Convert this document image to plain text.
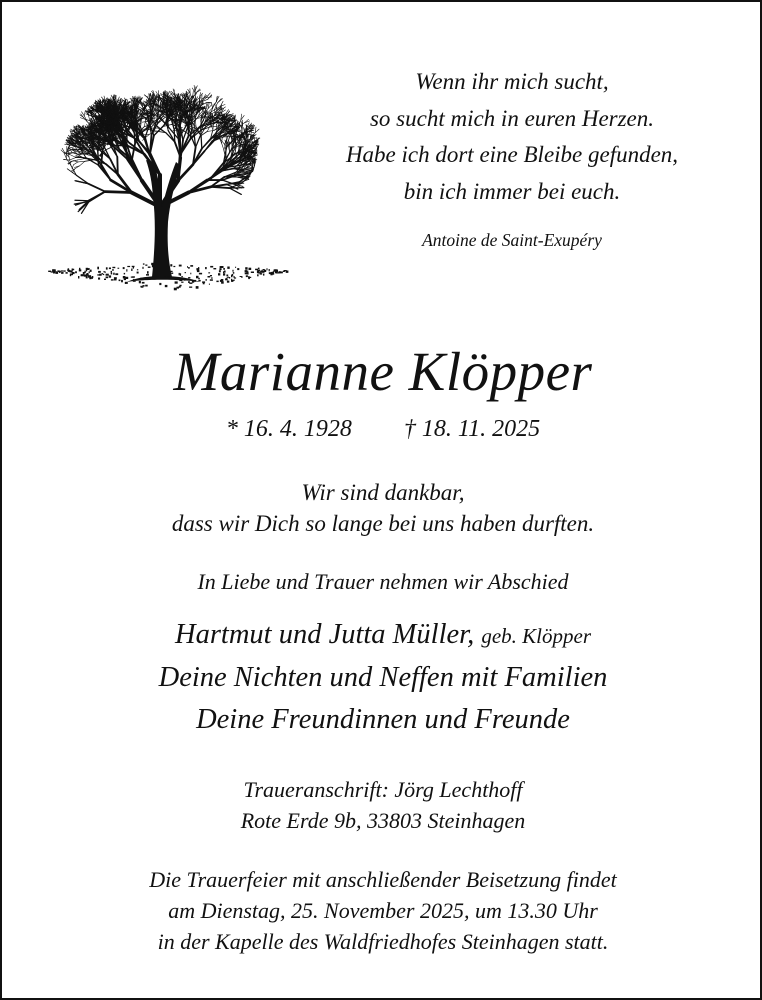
Wenn ihr mich sucht,
so sucht mich in euren Herzen.
Habe ich dort eine Bleibe gefunden,
bin ich immer bei euch.
Antoine de Saint-Exupéry
Marianne Klöpper
* 16. 4. 1928 † 18. 11. 2025
Wir sind dankbar,
dass wir Dich so lange bei uns haben durften.
In Liebe und Trauer nehmen wir Abschied
Hartmut und Jutta Müller, geb. Klöpper
Deine Nichten und Neffen mit Familien
Deine Freundinnen und Freunde
Traueranschrift: Jörg Lechthoff
Rote Erde 9b, 33803 Steinhagen
Die Trauerfeier mit anschließender Beisetzung findet
am Dienstag, 25. November 2025, um 13.30 Uhr
in der Kapelle des Waldfriedhofes Steinhagen statt.
